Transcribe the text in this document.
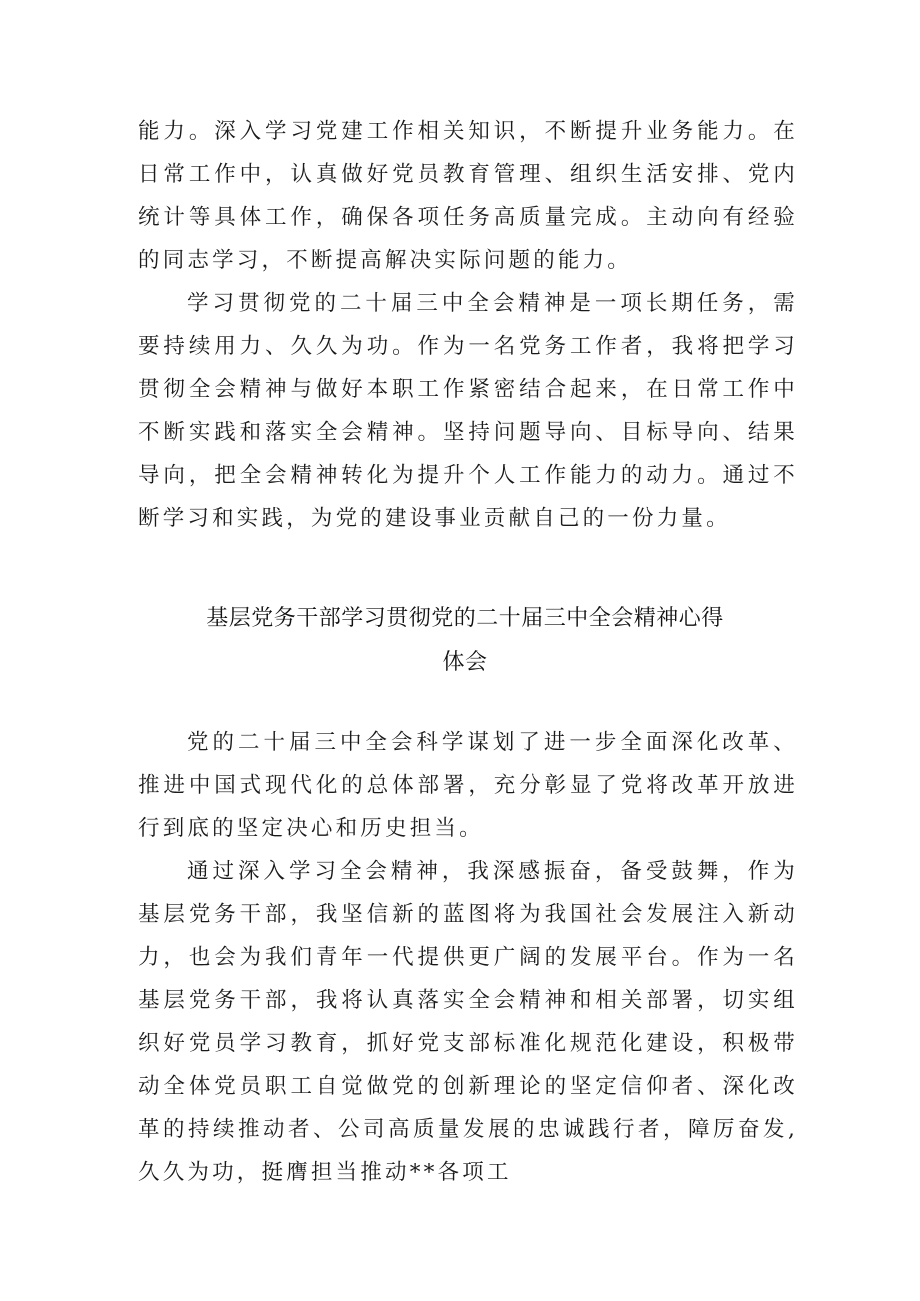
能力。深入学习党建工作相关知识，不断提升业务能力。在日常工作中，认真做好党员教育管理、组织生活安排、党内统计等具体工作，确保各项任务高质量完成。主动向有经验的同志学习，不断提高解决实际问题的能力。

学习贯彻党的二十届三中全会精神是一项长期任务，需要持续用力、久久为功。作为一名党务工作者，我将把学习贯彻全会精神与做好本职工作紧密结合起来，在日常工作中不断实践和落实全会精神。坚持问题导向、目标导向、结果导向，把全会精神转化为提升个人工作能力的动力。通过不断学习和实践，为党的建设事业贡献自己的一份力量。

基层党务干部学习贯彻党的二十届三中全会精神心得
体会

党的二十届三中全会科学谋划了进一步全面深化改革、推进中国式现代化的总体部署，充分彰显了党将改革开放进行到底的坚定决心和历史担当。

通过深入学习全会精神，我深感振奋，备受鼓舞，作为基层党务干部，我坚信新的蓝图将为我国社会发展注入新动力，也会为我们青年一代提供更广阔的发展平台。作为一名基层党务干部，我将认真落实全会精神和相关部署，切实组织好党员学习教育，抓好党支部标准化规范化建设，积极带动全体党员职工自觉做党的创新理论的坚定信仰者、深化改革的持续推动者、公司高质量发展的忠诚践行者，障厉奋发,久久为功，挺膺担当推动**各项工
